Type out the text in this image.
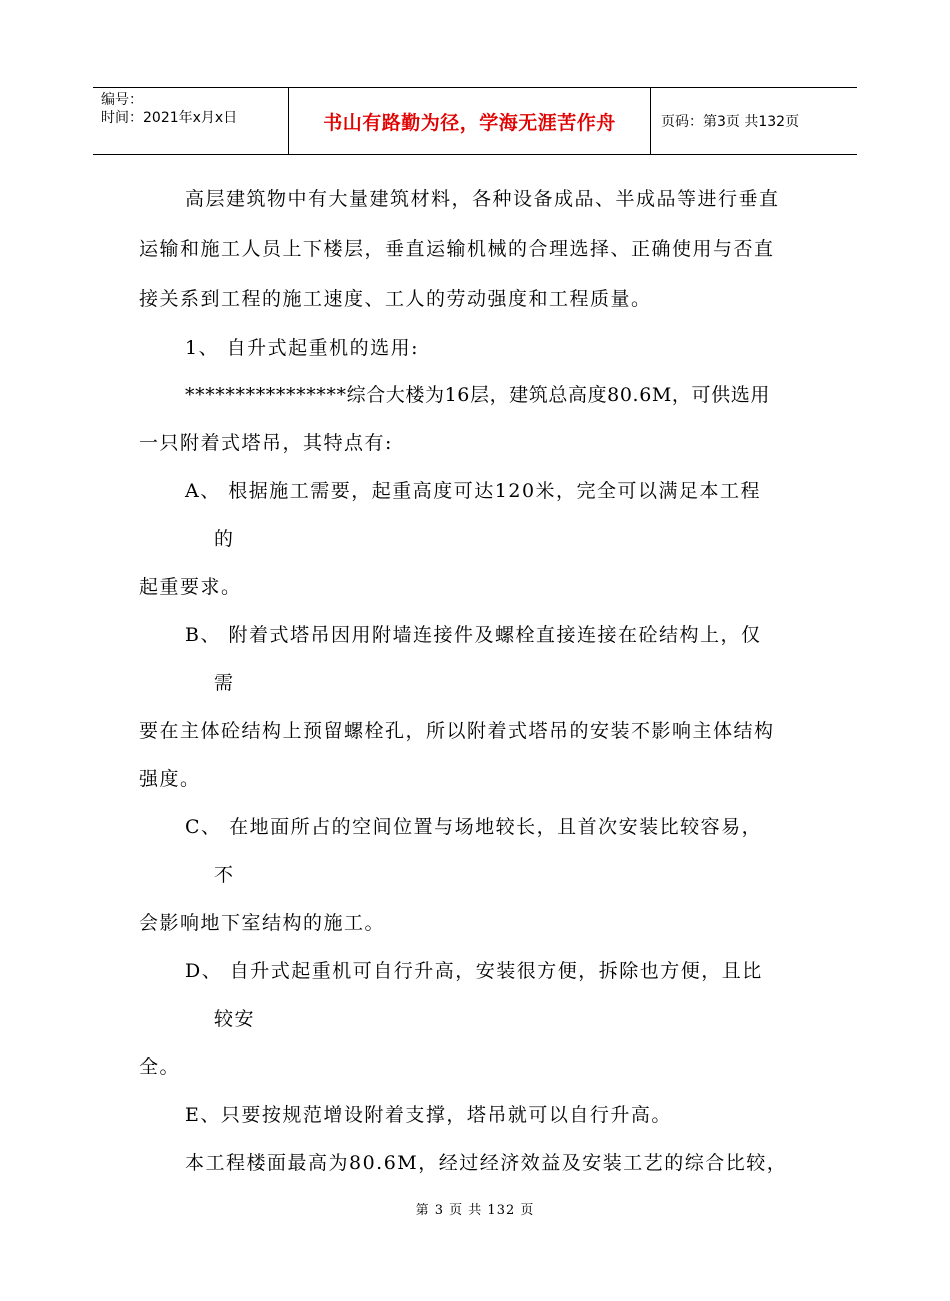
编号：
时间：2021年x月x日	书山有路勤为径，学海无涯苦作舟	页码：第3页 共132页
高层建筑物中有大量建筑材料，各种设备成品、半成品等进行垂直
运输和施工人员上下楼层，垂直运输机械的合理选择、正确使用与否直
接关系到工程的施工速度、工人的劳动强度和工程质量。
1、 自升式起重机的选用:
****************综合大楼为16层，建筑总高度80.6M，可供选用
一只附着式塔吊，其特点有:
A、 根据施工需要，起重高度可达120米，完全可以满足本工程
的
起重要求。
B、 附着式塔吊因用附墙连接件及螺栓直接连接在砼结构上，仅
需
要在主体砼结构上预留螺栓孔，所以附着式塔吊的安装不影响主体结构
强度。
C、 在地面所占的空间位置与场地较长，且首次安装比较容易，
不
会影响地下室结构的施工。
D、 自升式起重机可自行升高，安装很方便，拆除也方便，且比
较安
全。
E、只要按规范增设附着支撑，塔吊就可以自行升高。
本工程楼面最高为80.6M，经过经济效益及安装工艺的综合比较，
第 3 页 共 132 页
